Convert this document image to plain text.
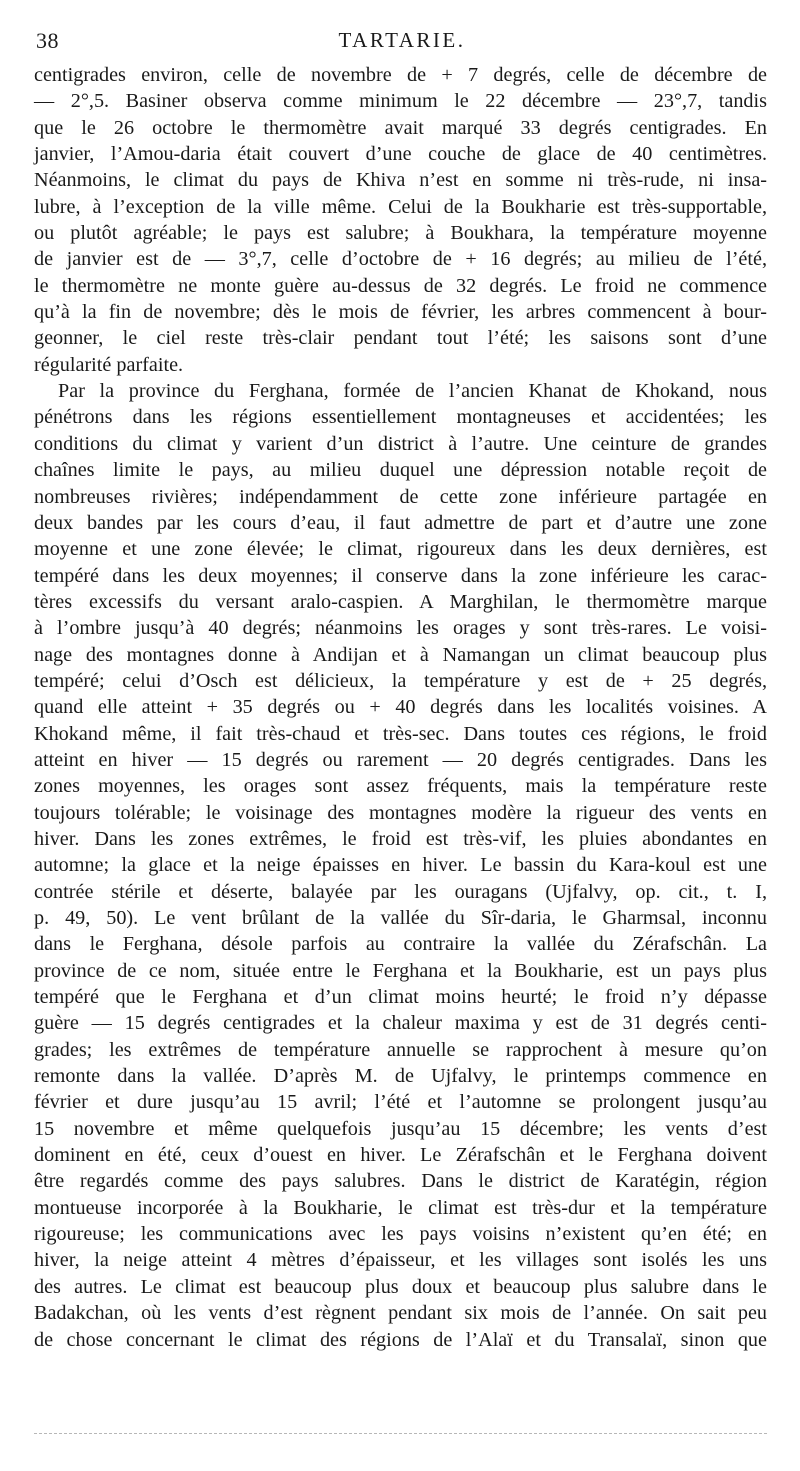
38	TARTARIE.
centigrades environ, celle de novembre de + 7 degrés, celle de décembre de
— 2°,5. Basiner observa comme minimum le 22 décembre — 23°,7, tandis
que le 26 octobre le thermomètre avait marqué 33 degrés centigrades. En
janvier, l’Amou-daria était couvert d’une couche de glace de 40 centimètres.
Néanmoins, le climat du pays de Khiva n’est en somme ni très-rude, ni insa-
lubre, à l’exception de la ville même. Celui de la Boukharie est très-supportable,
ou plutôt agréable; le pays est salubre; à Boukhara, la température moyenne
de janvier est de — 3°,7, celle d’octobre de + 16 degrés; au milieu de l’été,
le thermomètre ne monte guère au-dessus de 32 degrés. Le froid ne commence
qu’à la fin de novembre; dès le mois de février, les arbres commencent à bour-
geonner, le ciel reste très-clair pendant tout l’été; les saisons sont d’une
régularité parfaite.
Par la province du Ferghana, formée de l’ancien Khanat de Khokand, nous
pénétrons dans les régions essentiellement montagneuses et accidentées; les
conditions du climat y varient d’un district à l’autre. Une ceinture de grandes
chaînes limite le pays, au milieu duquel une dépression notable reçoit de
nombreuses rivières; indépendamment de cette zone inférieure partagée en
deux bandes par les cours d’eau, il faut admettre de part et d’autre une zone
moyenne et une zone élevée; le climat, rigoureux dans les deux dernières, est
tempéré dans les deux moyennes; il conserve dans la zone inférieure les carac-
tères excessifs du versant aralo-caspien. A Marghilan, le thermomètre marque
à l’ombre jusqu’à 40 degrés; néanmoins les orages y sont très-rares. Le voisi-
nage des montagnes donne à Andijan et à Namangan un climat beaucoup plus
tempéré; celui d’Osch est délicieux, la température y est de + 25 degrés,
quand elle atteint + 35 degrés ou + 40 degrés dans les localités voisines. A
Khokand même, il fait très-chaud et très-sec. Dans toutes ces régions, le froid
atteint en hiver — 15 degrés ou rarement — 20 degrés centigrades. Dans les
zones moyennes, les orages sont assez fréquents, mais la température reste
toujours tolérable; le voisinage des montagnes modère la rigueur des vents en
hiver. Dans les zones extrêmes, le froid est très-vif, les pluies abondantes en
automne; la glace et la neige épaisses en hiver. Le bassin du Kara-koul est une
contrée stérile et déserte, balayée par les ouragans (Ujfalvy, op. cit., t. I,
p. 49, 50). Le vent brûlant de la vallée du Sîr-daria, le Gharmsal, inconnu
dans le Ferghana, désole parfois au contraire la vallée du Zérafschân. La
province de ce nom, située entre le Ferghana et la Boukharie, est un pays plus
tempéré que le Ferghana et d’un climat moins heurté; le froid n’y dépasse
guère — 15 degrés centigrades et la chaleur maxima y est de 31 degrés centi-
grades; les extrêmes de température annuelle se rapprochent à mesure qu’on
remonte dans la vallée. D’après M. de Ujfalvy, le printemps commence en
février et dure jusqu’au 15 avril; l’été et l’automne se prolongent jusqu’au
15 novembre et même quelquefois jusqu’au 15 décembre; les vents d’est
dominent en été, ceux d’ouest en hiver. Le Zérafschân et le Ferghana doivent
être regardés comme des pays salubres. Dans le district de Karatégin, région
montueuse incorporée à la Boukharie, le climat est très-dur et la température
rigoureuse; les communications avec les pays voisins n’existent qu’en été; en
hiver, la neige atteint 4 mètres d’épaisseur, et les villages sont isolés les uns
des autres. Le climat est beaucoup plus doux et beaucoup plus salubre dans le
Badakchan, où les vents d’est règnent pendant six mois de l’année. On sait peu
de chose concernant le climat des régions de l’Alaï et du Transalaï, sinon que
